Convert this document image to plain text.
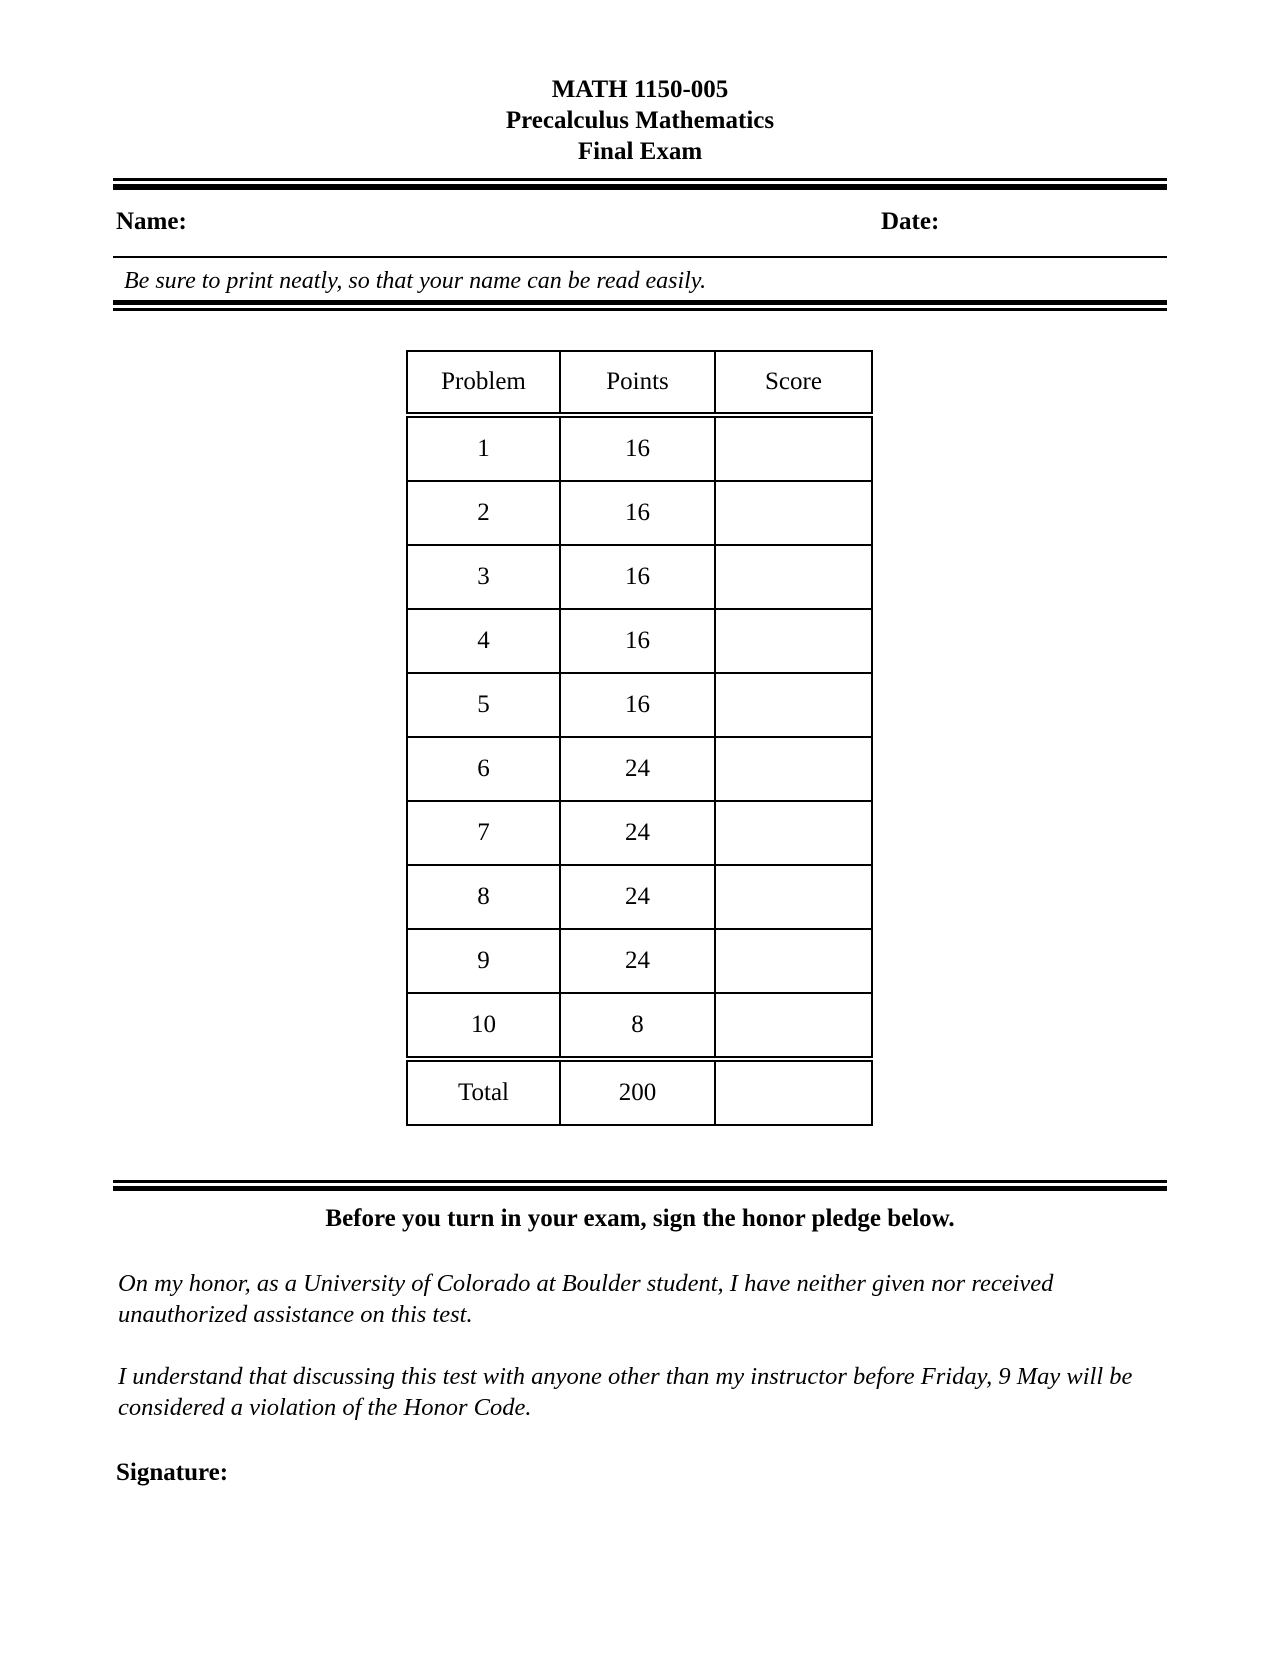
MATH 1150-005
Precalculus Mathematics
Final Exam
Name:	Date:
Be sure to print neatly, so that your name can be read easily.
Problem	Points	Score
1	16	
2	16	
3	16	
4	16	
5	16	
6	24	
7	24	
8	24	
9	24	
10	8	
Total	200	
Before you turn in your exam, sign the honor pledge below.
On my honor, as a University of Colorado at Boulder student, I have neither given nor received unauthorized assistance on this test.
I understand that discussing this test with anyone other than my instructor before Friday, 9 May will be considered a violation of the Honor Code.
Signature:
